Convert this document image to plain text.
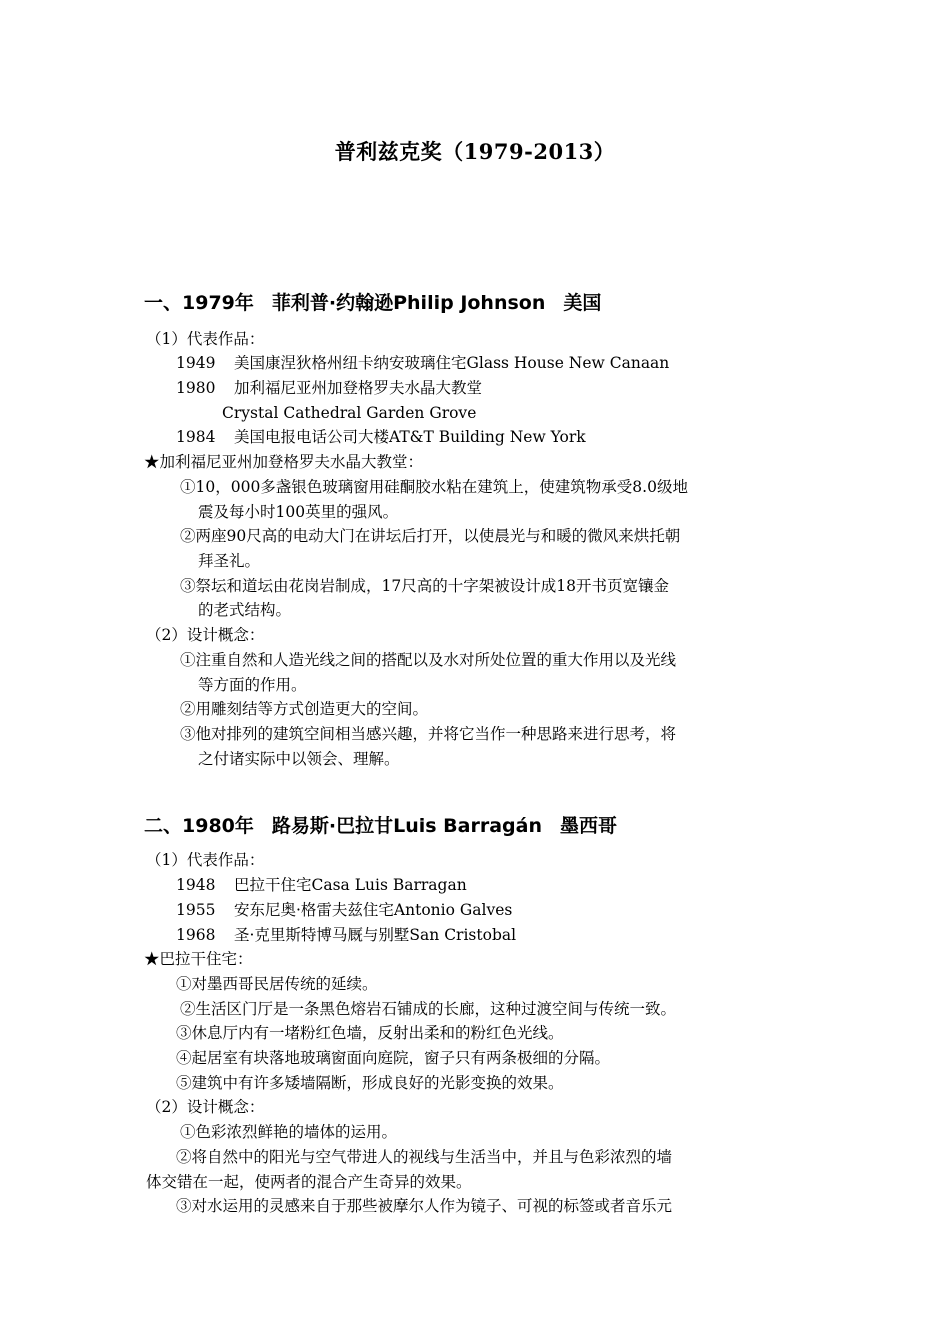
普利兹克奖（1979-2013）
一、1979年 菲利普·约翰逊Philip Johnson 美国
（1）代表作品：
1949 美国康涅狄格州纽卡纳安玻璃住宅Glass House New Canaan
1980 加利福尼亚州加登格罗夫水晶大教堂
Crystal Cathedral Garden Grove
1984 美国电报电话公司大楼AT&T Building New York
★加利福尼亚州加登格罗夫水晶大教堂：
①10，000多盏银色玻璃窗用硅酮胶水粘在建筑上，使建筑物承受8.0级地
震及每小时100英里的强风。
②两座90尺高的电动大门在讲坛后打开，以使晨光与和暖的微风来烘托朝
拜圣礼。
③祭坛和道坛由花岗岩制成，17尺高的十字架被设计成18开书页宽镶金
的老式结构。
（2）设计概念：
①注重自然和人造光线之间的搭配以及水对所处位置的重大作用以及光线
等方面的作用。
②用雕刻结等方式创造更大的空间。
③他对排列的建筑空间相当感兴趣，并将它当作一种思路来进行思考，将
之付诸实际中以领会、理解。
二、1980年 路易斯·巴拉甘Luis Barragán 墨西哥
（1）代表作品：
1948 巴拉干住宅Casa Luis Barragan
1955 安东尼奥·格雷夫兹住宅Antonio Galves
1968 圣·克里斯特博马厩与别墅San Cristobal
★巴拉干住宅：
①对墨西哥民居传统的延续。
②生活区门厅是一条黑色熔岩石铺成的长廊，这种过渡空间与传统一致。
③休息厅内有一堵粉红色墙，反射出柔和的粉红色光线。
④起居室有块落地玻璃窗面向庭院，窗子只有两条极细的分隔。
⑤建筑中有许多矮墙隔断，形成良好的光影变换的效果。
（2）设计概念：
①色彩浓烈鲜艳的墙体的运用。
②将自然中的阳光与空气带进人的视线与生活当中，并且与色彩浓烈的墙
体交错在一起，使两者的混合产生奇异的效果。
③对水运用的灵感来自于那些被摩尔人作为镜子、可视的标签或者音乐元
